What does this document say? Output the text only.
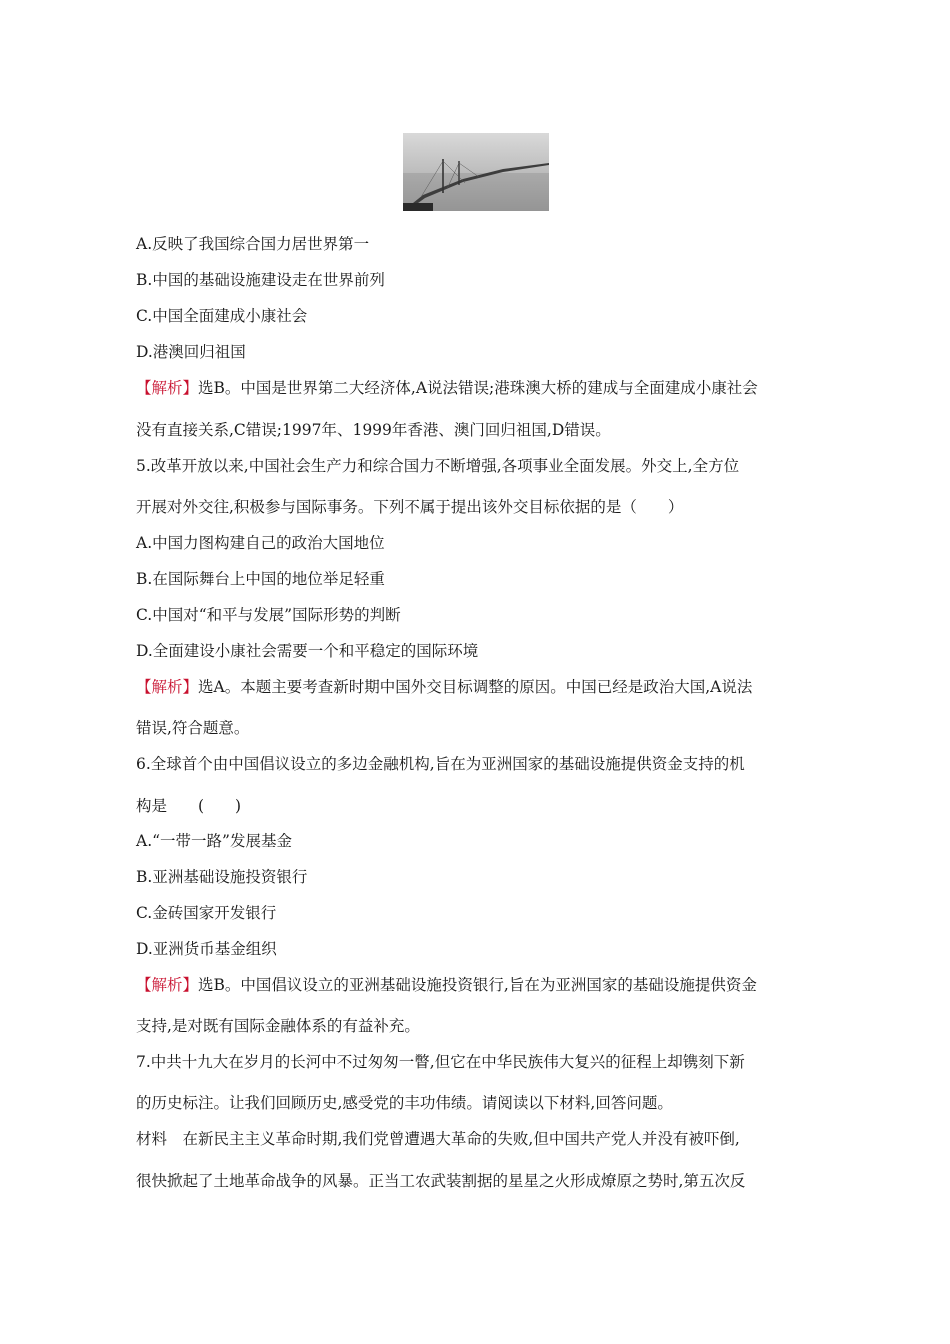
A.反映了我国综合国力居世界第一
B.中国的基础设施建设走在世界前列
C.中国全面建成小康社会
D.港澳回归祖国
【解析】选B。中国是世界第二大经济体,A说法错误;港珠澳大桥的建成与全面建成小康社会
没有直接关系,C错误;1997年、1999年香港、澳门回归祖国,D错误。
5.改革开放以来,中国社会生产力和综合国力不断增强,各项事业全面发展。外交上,全方位
开展对外交往,积极参与国际事务。下列不属于提出该外交目标依据的是（　　）
A.中国力图构建自己的政治大国地位
B.在国际舞台上中国的地位举足轻重
C.中国对“和平与发展”国际形势的判断
D.全面建设小康社会需要一个和平稳定的国际环境
【解析】选A。本题主要考查新时期中国外交目标调整的原因。中国已经是政治大国,A说法
错误,符合题意。
6.全球首个由中国倡议设立的多边金融机构,旨在为亚洲国家的基础设施提供资金支持的机
构是　　(　　)
A.“一带一路”发展基金
B.亚洲基础设施投资银行
C.金砖国家开发银行
D.亚洲货币基金组织
【解析】选B。中国倡议设立的亚洲基础设施投资银行,旨在为亚洲国家的基础设施提供资金
支持,是对既有国际金融体系的有益补充。
7.中共十九大在岁月的长河中不过匆匆一瞥,但它在中华民族伟大复兴的征程上却镌刻下新
的历史标注。让我们回顾历史,感受党的丰功伟绩。请阅读以下材料,回答问题。
材料　在新民主主义革命时期,我们党曾遭遇大革命的失败,但中国共产党人并没有被吓倒,
很快掀起了土地革命战争的风暴。正当工农武装割据的星星之火形成燎原之势时,第五次反
